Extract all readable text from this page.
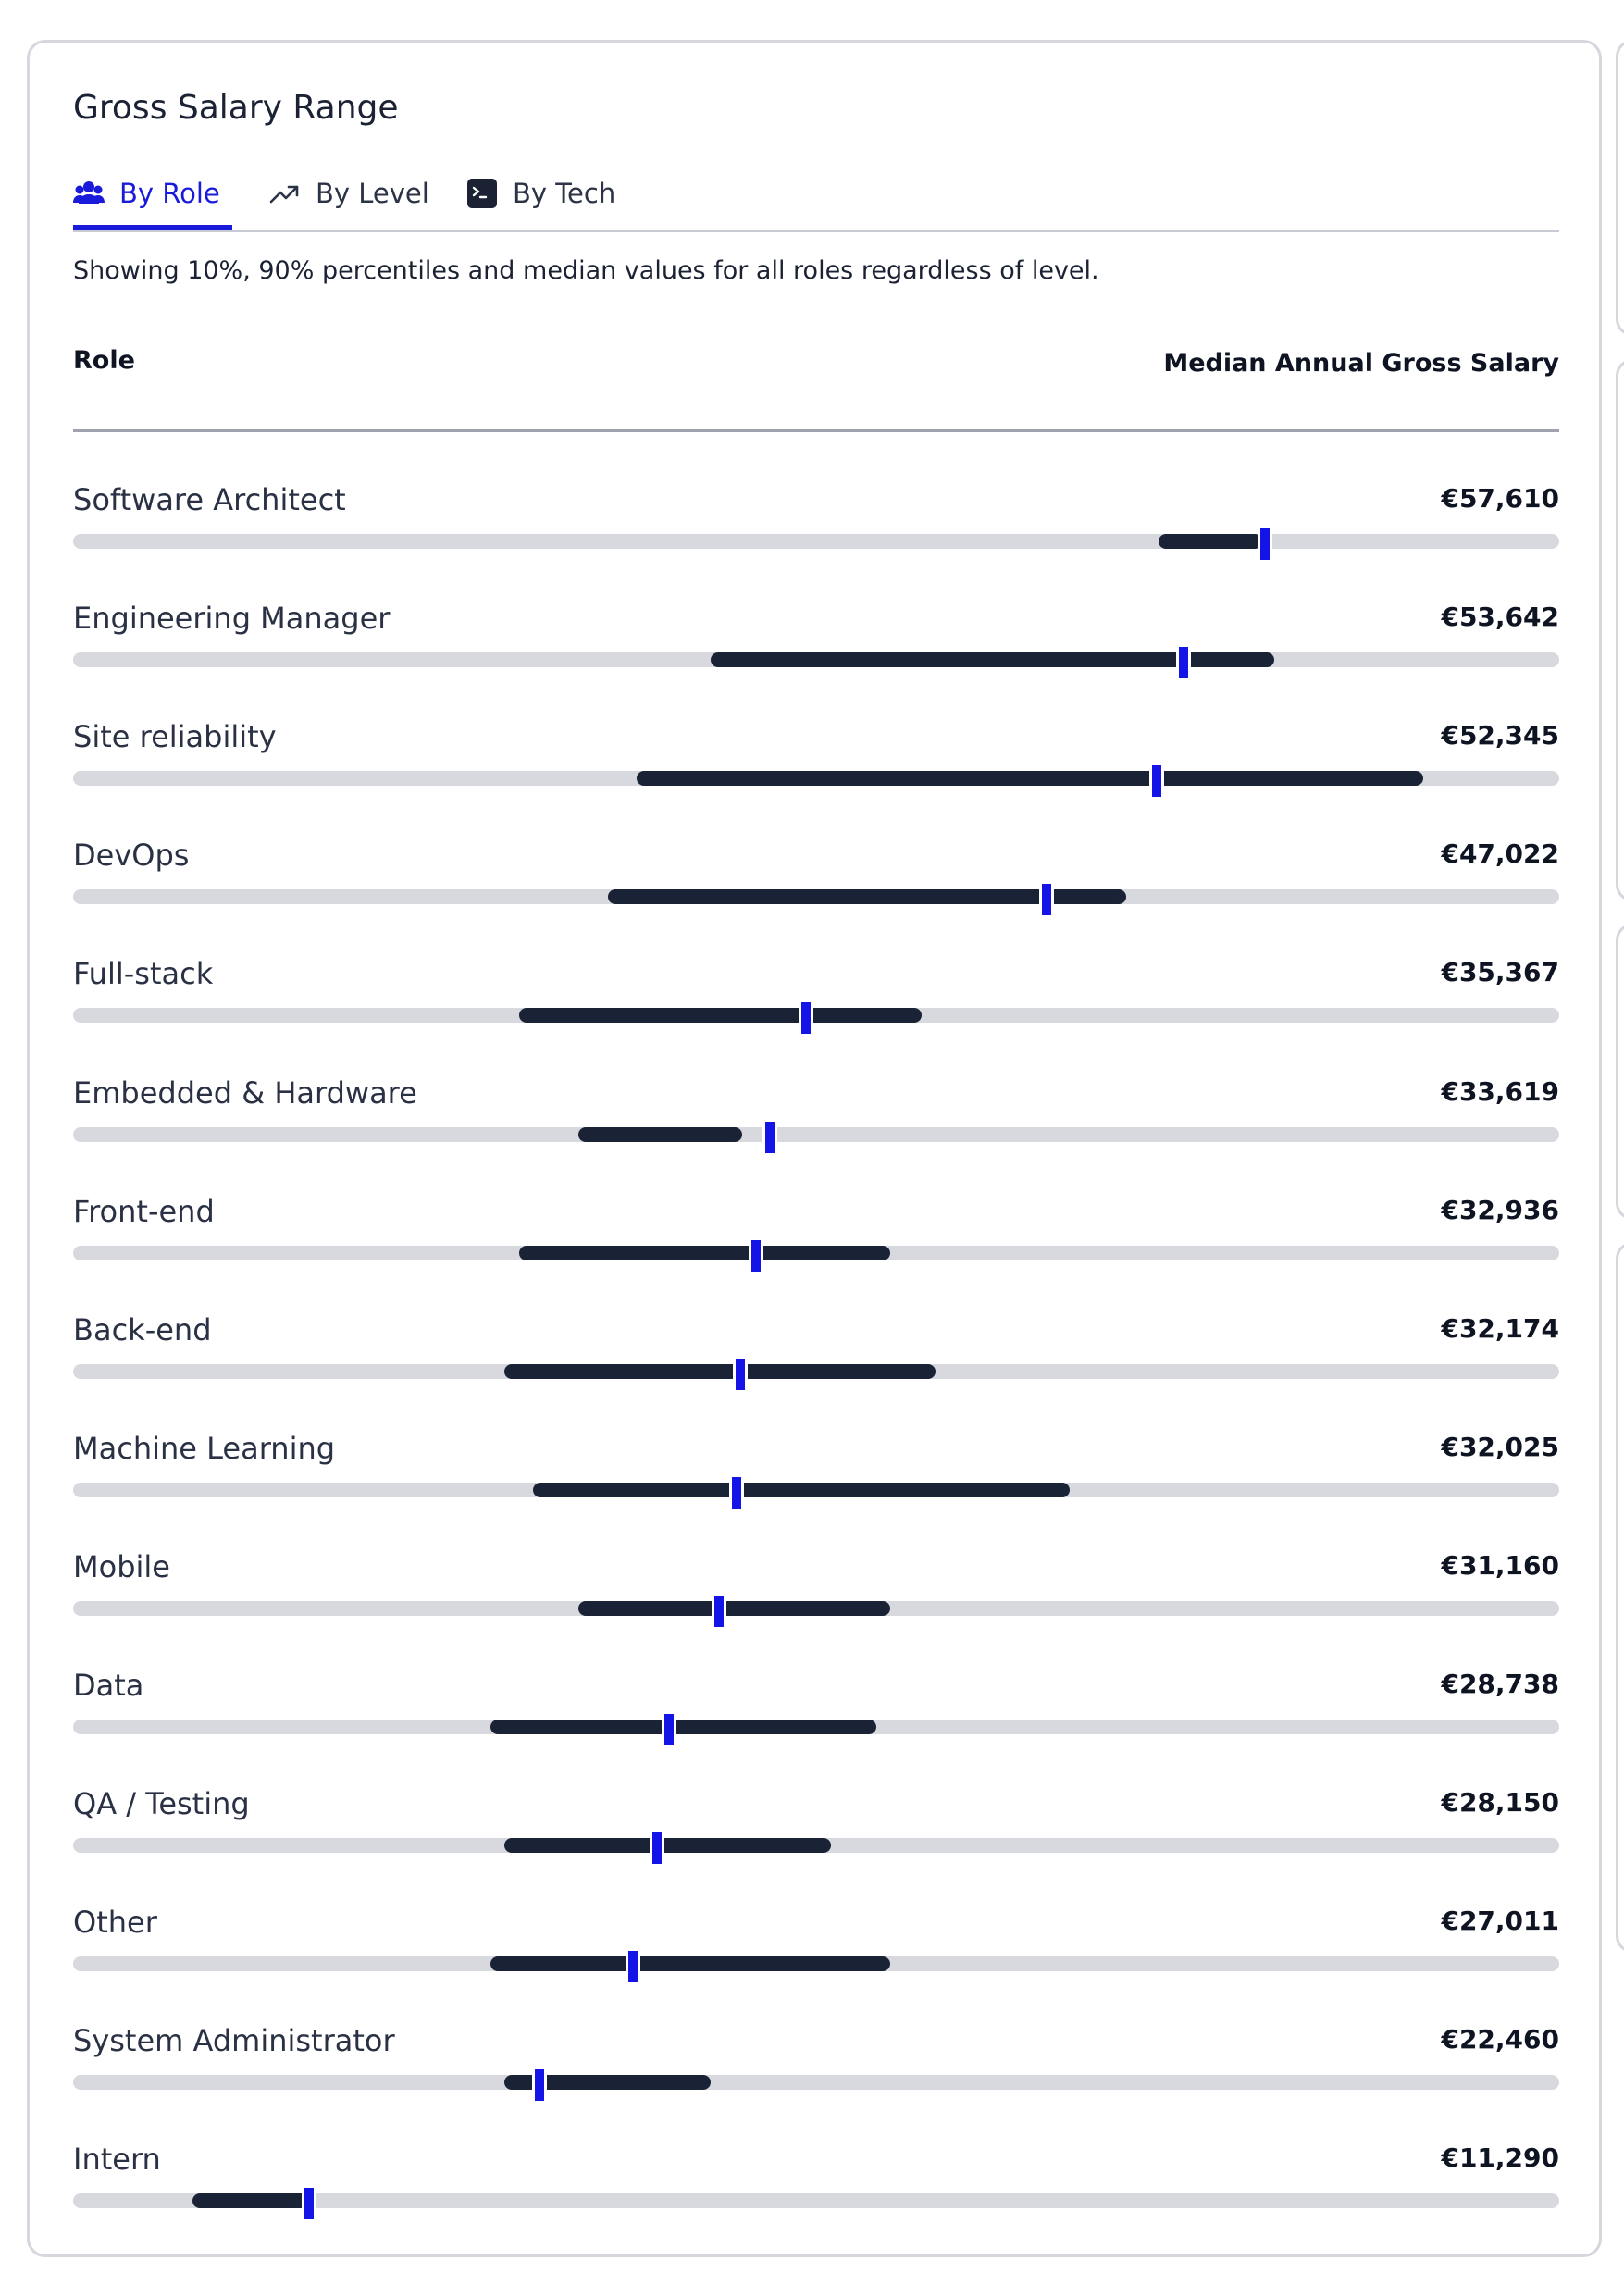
Gross Salary Range
By Role	By Level	By Tech
Showing 10%, 90% percentiles and median values for all roles regardless of level.
Role	Median Annual Gross Salary
Software Architect	€57,610
Engineering Manager	€53,642
Site reliability	€52,345
DevOps	€47,022
Full-stack	€35,367
Embedded & Hardware	€33,619
Front-end	€32,936
Back-end	€32,174
Machine Learning	€32,025
Mobile	€31,160
Data	€28,738
QA / Testing	€28,150
Other	€27,011
System Administrator	€22,460
Intern	€11,290
